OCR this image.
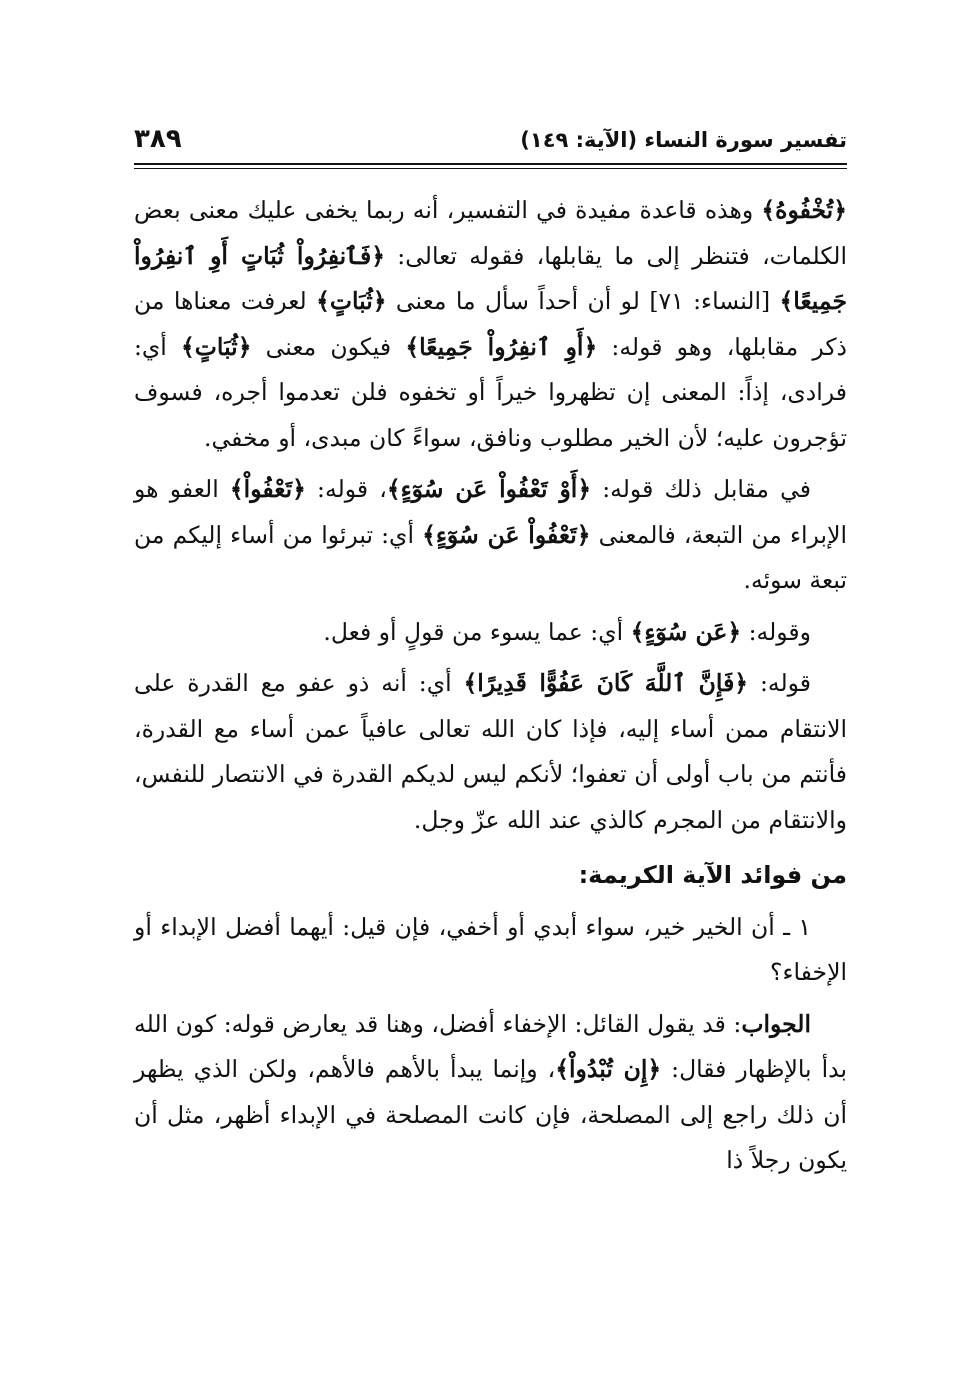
تفسير سورة النساء (الآية: ١٤٩)
٣٨٩

﴿تُخْفُوهُ﴾ وهذه قاعدة مفيدة في التفسير، أنه ربما يخفى عليك معنى بعض الكلمات، فتنظر إلى ما يقابلها، فقوله تعالى: ﴿فَٱنفِرُواْ ثُبَاتٍ أَوِ ٱنفِرُواْ جَمِيعًا﴾ [النساء: ٧١] لو أن أحداً سأل ما معنى ﴿ثُبَاتٍ﴾ لعرفت معناها من ذكر مقابلها، وهو قوله: ﴿أَوِ ٱنفِرُواْ جَمِيعًا﴾ فيكون معنى ﴿ثُبَاتٍ﴾ أي: فرادى، إذاً: المعنى إن تظهروا خيراً أو تخفوه فلن تعدموا أجره، فسوف تؤجرون عليه؛ لأن الخير مطلوب ونافق، سواءً كان مبدى، أو مخفي.

في مقابل ذلك قوله: ﴿أَوْ تَعْفُواْ عَن سُوٓءٍ﴾، قوله: ﴿تَعْفُواْ﴾ العفو هو الإبراء من التبعة، فالمعنى ﴿تَعْفُواْ عَن سُوٓءٍ﴾ أي: تبرئوا من أساء إليكم من تبعة سوئه.

وقوله: ﴿عَن سُوٓءٍ﴾ أي: عما يسوء من قولٍ أو فعل.

قوله: ﴿فَإِنَّ ٱللَّهَ كَانَ عَفُوًّا قَدِيرًا﴾ أي: أنه ذو عفو مع القدرة على الانتقام ممن أساء إليه، فإذا كان الله تعالى عافياً عمن أساء مع القدرة، فأنتم من باب أولى أن تعفوا؛ لأنكم ليس لديكم القدرة في الانتصار للنفس، والانتقام من المجرم كالذي عند الله عزّ وجل.

من فوائد الآية الكريمة:

١ ـ أن الخير خير، سواء أبدي أو أخفي، فإن قيل: أيهما أفضل الإبداء أو الإخفاء؟

الجواب: قد يقول القائل: الإخفاء أفضل، وهنا قد يعارض قوله: كون الله بدأ بالإظهار فقال: ﴿إِن تُبْدُواْ﴾، وإنما يبدأ بالأهم فالأهم، ولكن الذي يظهر أن ذلك راجع إلى المصلحة، فإن كانت المصلحة في الإبداء أظهر، مثل أن يكون رجلاً ذا
